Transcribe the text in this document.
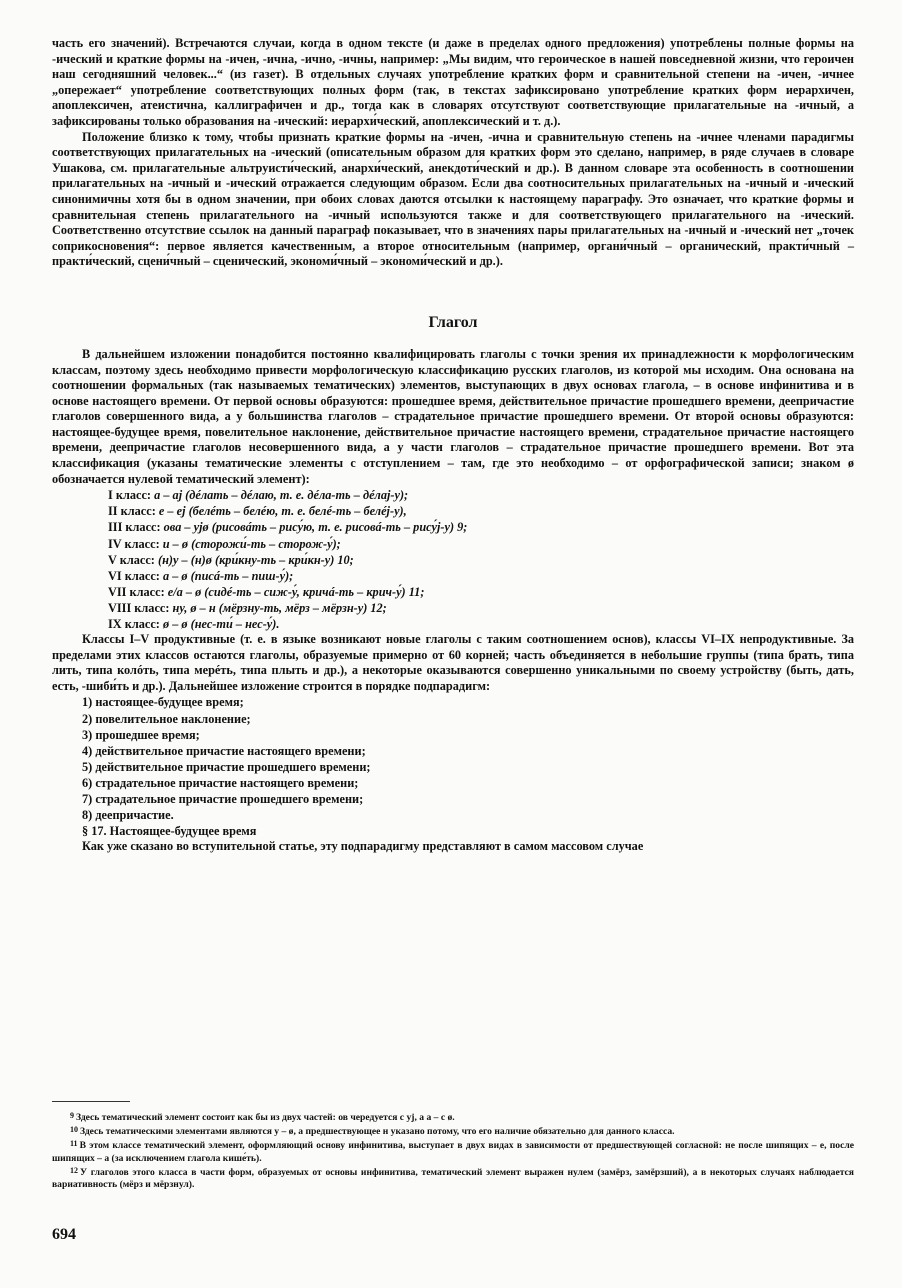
часть его значений). Встречаются случаи, когда в одном тексте (и даже в пределах одного предложения) употреблены полные формы на -ический и краткие формы на -ичен, -ична, -ично, -ичны, например: „Мы видим, что героическое в нашей повседневной жизни, что героичен наш сегодняшний человек...“ (из газет). В отдельных случаях употребление кратких форм и сравнительной степени на -ичен, -ичнее „опережает“ употребление соответствующих полных форм (так, в текстах зафиксировано употребление кратких форм иерархичен, апоплексичен, атеистична, каллиграфичен и др., тогда как в словарях отсутствуют соответствующие прилагательные на -ичный, а зафиксированы только образования на -ический: иерархи́ческий, апоплексический и т. д.).

Положение близко к тому, чтобы признать краткие формы на -ичен, -ична и сравнительную степень на -ичнее членами парадигмы соответствующих прилагательных на -ический (описательным образом для кратких форм это сделано, например, в ряде случаев в словаре Ушакова, см. прилагательные альтруисти́ческий, анархи́ческий, анекдоти́ческий и др.). В данном словаре эта особенность в соотношении прилагательных на -ичный и -ический отражается следующим образом. Если два соотносительных прилагательных на -ичный и -ический синонимичны хотя бы в одном значении, при обоих словах даются отсылки к настоящему параграфу. Это означает, что краткие формы и сравнительная степень прилагательного на -ичный используются также и для соответствующего прилагательного на -ический. Соответственно отсутствие ссылок на данный параграф показывает, что в значениях пары прилагательных на -ичный и -ический нет „точек соприкосновения“: первое является качественным, а второе относительным (например, органи́чный – органический, практи́чный – практи́ческий, сцени́чный – сценический, экономи́чный – экономи́ческий и др.).

Глагол

В дальнейшем изложении понадобится постоянно квалифицировать глаголы с точки зрения их принадлежности к морфологическим классам, поэтому здесь необходимо привести морфологическую классификацию русских глаголов, из которой мы исходим. Она основана на соотношении формальных (так называемых тематических) элементов, выступающих в двух основах глагола, – в основе инфинитива и в основе настоящего времени. От первой основы образуются: прошедшее время, действительное причастие прошедшего времени, деепричастие глаголов совершенного вида, а у большинства глаголов – страдательное причастие прошедшего времени. От второй основы образуются: настоящее-будущее время, повелительное наклонение, действительное причастие настоящего времени, страдательное причастие настоящего времени, деепричастие глаголов несовершенного вида, а у части глаголов – страдательное причастие прошедшего времени. Вот эта классификация (указаны тематические элементы с отступлением – там, где это необходимо – от орфографической записи; знаком ø обозначается нулевой тематический элемент):

I класс: а – aj (дéлать – дéлаю, т. е. дéла-ть – дéлаj-у);
II класс: е – ej (белéть – белéю, т. е. белé-ть – белéj-у),
III класс: ова – уjø (рисовáть – рису́ю, т. е. рисовá-ть – рису́j-у) 9;
IV класс: и – ø (сторожи́-ть – сторож-у́);
V класс: (н)у – (н)ø (кри́кну-ть – кри́кн-у) 10;
VI класс: а – ø (писá-ть – пиш-у́);
VII класс: е/а – ø (сидé-ть – сиж-у́, кричá-ть – крич-у́) 11;
VIII класс: ну, ø – н (мёрзну-ть, мёрз – мёрзн-у) 12;
IX класс: ø – ø (нес-ти́ – нес-у́).

Классы I–V продуктивные (т. е. в языке возникают новые глаголы с таким соотношением основ), классы VI–IX непродуктивные. За пределами этих классов остаются глаголы, образуемые примерно от 60 корней; часть объединяется в небольшие группы (типа брать, типа лить, типа колóть, типа мерéть, типа плыть и др.), а некоторые оказываются совершенно уникальными по своему устройству (быть, дать, есть, -шиби́ть и др.). Дальнейшее изложение строится в порядке подпарадигм:

1) настоящее-будущее время;
2) повелительное наклонение;
3) прошедшее время;
4) действительное причастие настоящего времени;
5) действительное причастие прошедшего времени;
6) страдательное причастие настоящего времени;
7) страдательное причастие прошедшего времени;
8) деепричастие.
§ 17. Настоящее-будущее время

Как уже сказано во вступительной статье, эту подпарадигму представляют в самом массовом случае

$^9$ Здесь тематический элемент состоит как бы из двух частей: ов чередуется с уj, а а – с ø.

$^{10}$ Здесь тематическими элементами являются у – ø, а предшествующее н указано потому, что его наличие обязательно для данного класса.

$^{11}$ В этом классе тематический элемент, оформляющий основу инфинитива, выступает в двух видах в зависимости от предшествующей согласной: не после шипящих – е, после шипящих – а (за исключением глагола кише́ть).

$^{12}$ У глаголов этого класса в части форм, образуемых от основы инфинитива, тематический элемент выражен нулем (замёрз, замёрзший), а в некоторых случаях наблюдается вариативность (мёрз и мёрзнул).

694
